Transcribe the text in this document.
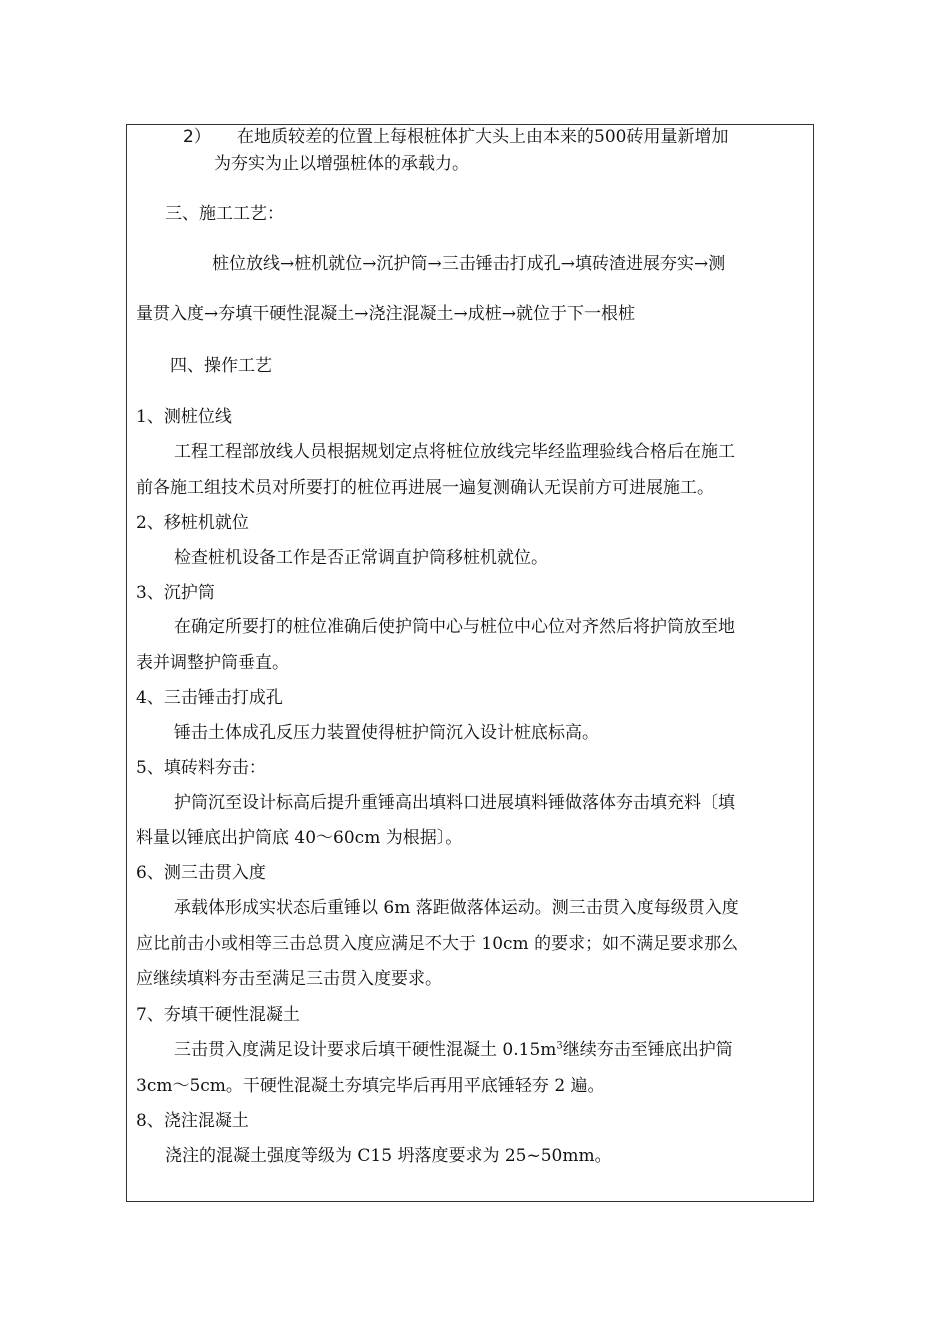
2） 在地质较差的位置上每根桩体扩大头上由本来的500砖用量新增加
为夯实为止以增强桩体的承载力。
三、施工工艺：
桩位放线→桩机就位→沉护筒→三击锤击打成孔→填砖渣进展夯实→测
量贯入度→夯填干硬性混凝土→浇注混凝土→成桩→就位于下一根桩
四、操作工艺
1、测桩位线
工程工程部放线人员根据规划定点将桩位放线完毕经监理验线合格后在施工
前各施工组技术员对所要打的桩位再进展一遍复测确认无误前方可进展施工。
2、移桩机就位
检查桩机设备工作是否正常调直护筒移桩机就位。
3、沉护筒
在确定所要打的桩位准确后使护筒中心与桩位中心位对齐然后将护筒放至地
表并调整护筒垂直。
4、三击锤击打成孔
锤击土体成孔反压力装置使得桩护筒沉入设计桩底标高。
5、填砖料夯击：
护筒沉至设计标高后提升重锤高出填料口进展填料锤做落体夯击填充料〔填
料量以锤底出护筒底 40～60cm 为根据〕。
6、测三击贯入度
承载体形成实状态后重锤以 6m 落距做落体运动。测三击贯入度每级贯入度
应比前击小或相等三击总贯入度应满足不大于 10cm 的要求；如不满足要求那么
应继续填料夯击至满足三击贯入度要求。
7、夯填干硬性混凝土
三击贯入度满足设计要求后填干硬性混凝土 $0.15m^3$继续夯击至锤底出护筒
3cm～5cm。干硬性混凝土夯填完毕后再用平底锤轻夯 2 遍。
8、浇注混凝土
浇注的混凝土强度等级为 C15 坍落度要求为 25~50mm。
